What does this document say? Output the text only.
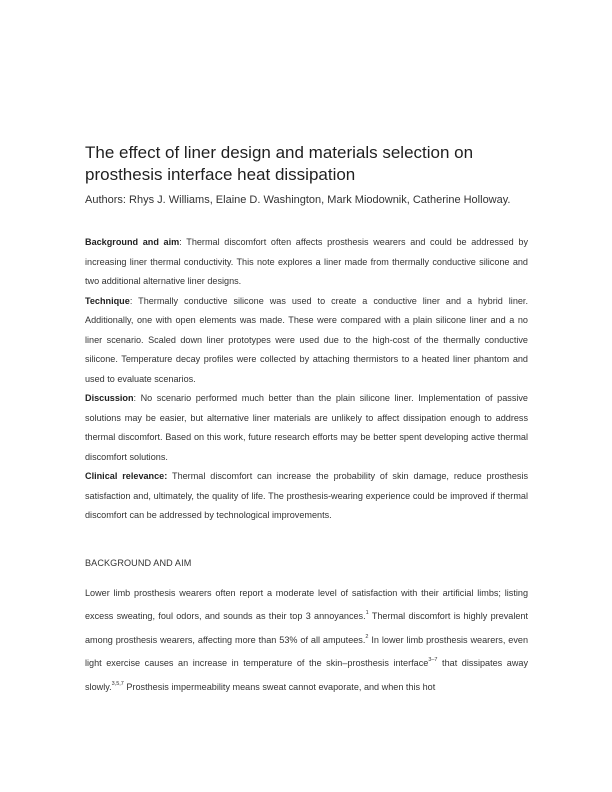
The effect of liner design and materials selection on prosthesis interface heat dissipation
Authors: Rhys J. Williams, Elaine D. Washington, Mark Miodownik, Catherine Holloway.

Background and aim: Thermal discomfort often affects prosthesis wearers and could be addressed by increasing liner thermal conductivity. This note explores a liner made from thermally conductive silicone and two additional alternative liner designs.

Technique: Thermally conductive silicone was used to create a conductive liner and a hybrid liner. Additionally, one with open elements was made. These were compared with a plain silicone liner and a no liner scenario. Scaled down liner prototypes were used due to the high-cost of the thermally conductive silicone. Temperature decay profiles were collected by attaching thermistors to a heated liner phantom and used to evaluate scenarios.

Discussion: No scenario performed much better than the plain silicone liner. Implementation of passive solutions may be easier, but alternative liner materials are unlikely to affect dissipation enough to address thermal discomfort. Based on this work, future research efforts may be better spent developing active thermal discomfort solutions.

Clinical relevance: Thermal discomfort can increase the probability of skin damage, reduce prosthesis satisfaction and, ultimately, the quality of life. The prosthesis-wearing experience could be improved if thermal discomfort can be addressed by technological improvements.

BACKGROUND AND AIM

Lower limb prosthesis wearers often report a moderate level of satisfaction with their artificial limbs; listing excess sweating, foul odors, and sounds as their top 3 annoyances.$^1$ Thermal discomfort is highly prevalent among prosthesis wearers, affecting more than 53% of all amputees.$^2$ In lower limb prosthesis wearers, even light exercise causes an increase in temperature of the skin–prosthesis interface$^{3-7}$ that dissipates away slowly.$^{3,5,7}$ Prosthesis impermeability means sweat cannot evaporate, and when this hot
